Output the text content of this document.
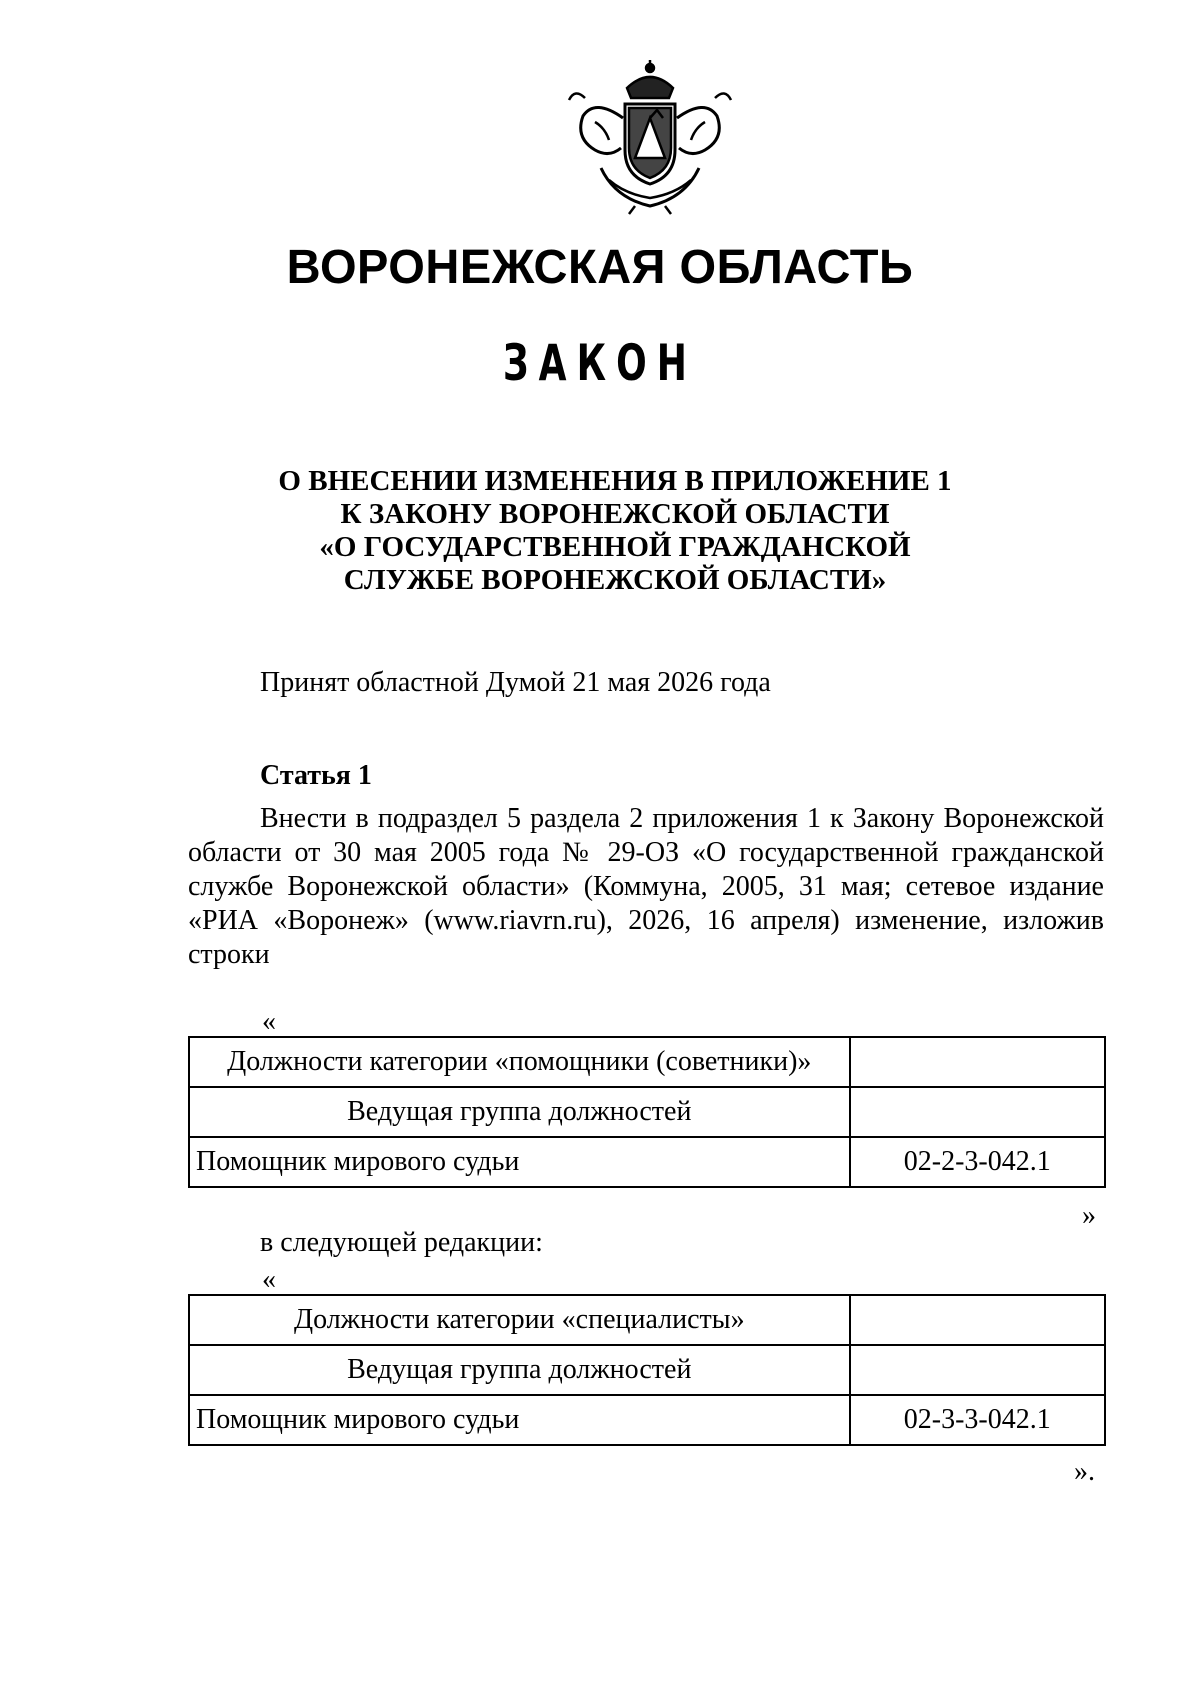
ВОРОНЕЖСКАЯ ОБЛАСТЬ
ЗАКОН
О ВНЕСЕНИИ ИЗМЕНЕНИЯ В ПРИЛОЖЕНИЕ 1
К ЗАКОНУ ВОРОНЕЖСКОЙ ОБЛАСТИ
«О ГОСУДАРСТВЕННОЙ ГРАЖДАНСКОЙ
СЛУЖБЕ ВОРОНЕЖСКОЙ ОБЛАСТИ»
Принят областной Думой 21 мая 2026 года
Статья 1
Внести в подраздел 5 раздела 2 приложения 1 к Закону Воронежской области от 30 мая 2005 года № 29-ОЗ «О государственной гражданской службе Воронежской области» (Коммуна, 2005, 31 мая; сетевое издание «РИА «Воронеж» (www.riavrn.ru), 2026, 16 апреля) изменение, изложив строки
«
Должности категории «помощники (советники)»	
Ведущая группа должностей	
Помощник мирового судьи	02-2-3-042.1
»
в следующей редакции:
«
Должности категории «специалисты»	
Ведущая группа должностей	
Помощник мирового судьи	02-3-3-042.1
».
